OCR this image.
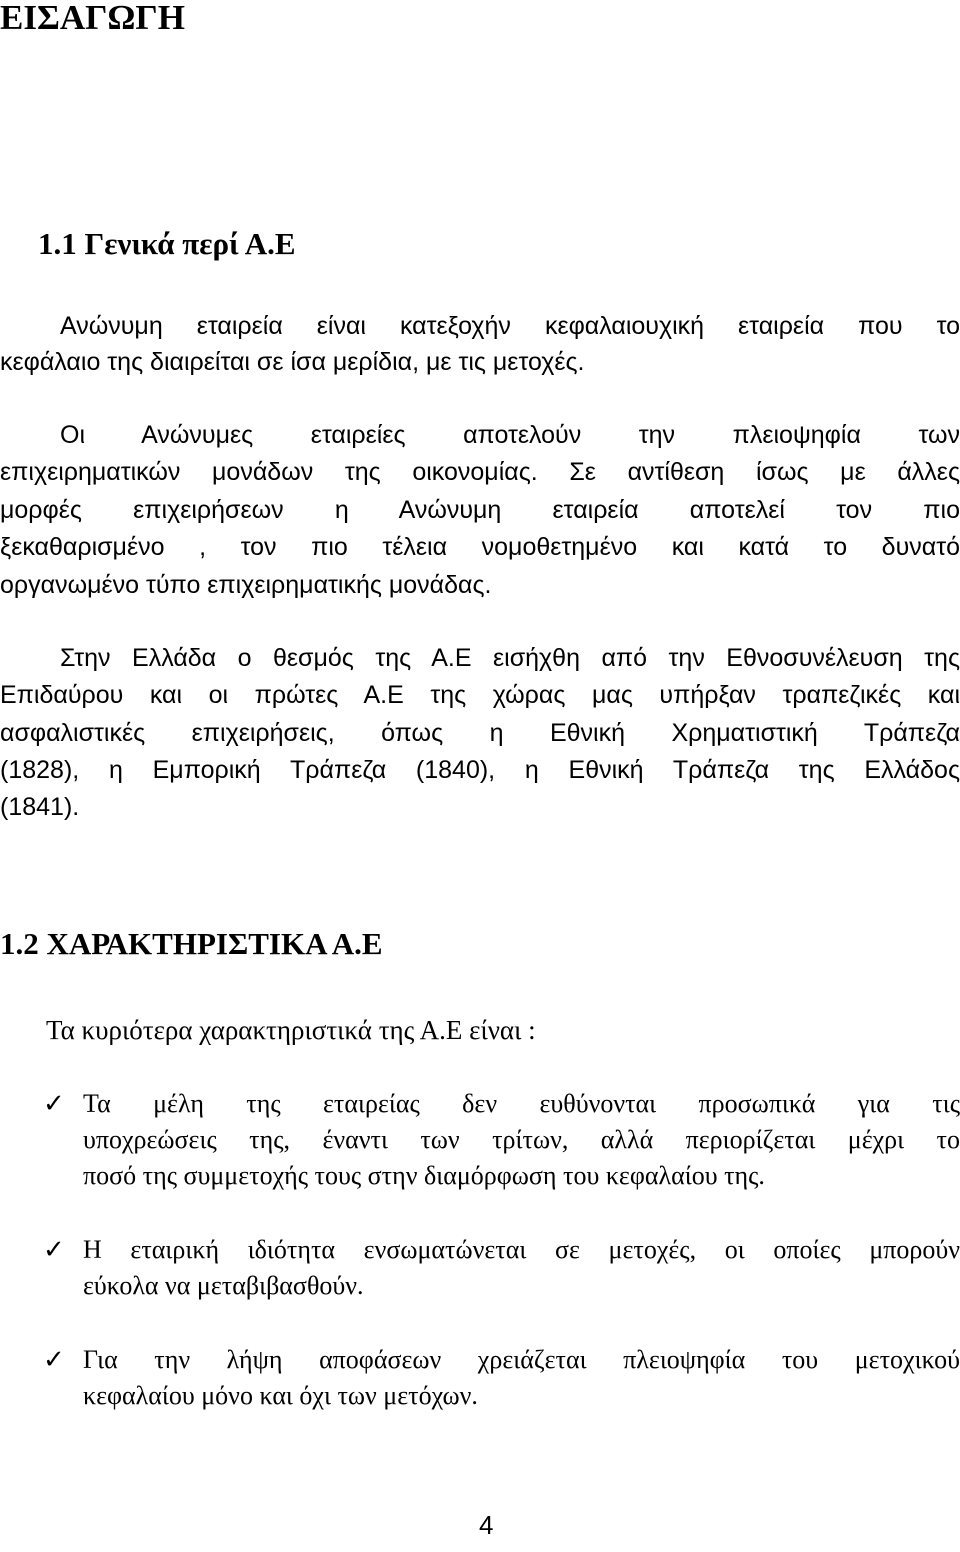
ΕΙΣΑΓΩΓΗ
1.1 Γενικά περί Α.Ε
Ανώνυμη εταιρεία είναι κατεξοχήν κεφαλαιουχική εταιρεία που το
κεφάλαιο της διαιρείται σε ίσα μερίδια, με τις μετοχές.
Οι Ανώνυμες εταιρείες αποτελούν την πλειοψηφία των
επιχειρηματικών μονάδων της οικονομίας. Σε αντίθεση ίσως με άλλες
μορφές επιχειρήσεων η Ανώνυμη εταιρεία αποτελεί τον πιο
ξεκαθαρισμένο , τον πιο τέλεια νομοθετημένο και κατά το δυνατό
οργανωμένο τύπο επιχειρηματικής μονάδας.
Στην Ελλάδα ο θεσμός της Α.Ε εισήχθη από την Εθνοσυνέλευση της
Επιδαύρου και οι πρώτες Α.Ε της χώρας μας υπήρξαν τραπεζικές και
ασφαλιστικές επιχειρήσεις, όπως η Εθνική Χρηματιστική Τράπεζα
(1828), η Εμπορική Τράπεζα (1840), η Εθνική Τράπεζα της Ελλάδος
(1841).
1.2 ΧΑΡΑΚΤΗΡΙΣΤΙΚΑ Α.Ε
Τα κυριότερα χαρακτηριστικά της Α.Ε είναι :
✓ Τα μέλη της εταιρείας δεν ευθύνονται προσωπικά για τις
υποχρεώσεις της, έναντι των τρίτων, αλλά περιορίζεται μέχρι το
ποσό της συμμετοχής τους στην διαμόρφωση του κεφαλαίου της.
✓ Η εταιρική ιδιότητα ενσωματώνεται σε μετοχές, οι οποίες μπορούν
εύκολα να μεταβιβασθούν.
✓ Για την λήψη αποφάσεων χρειάζεται πλειοψηφία του μετοχικού
κεφαλαίου μόνο και όχι των μετόχων.
4
